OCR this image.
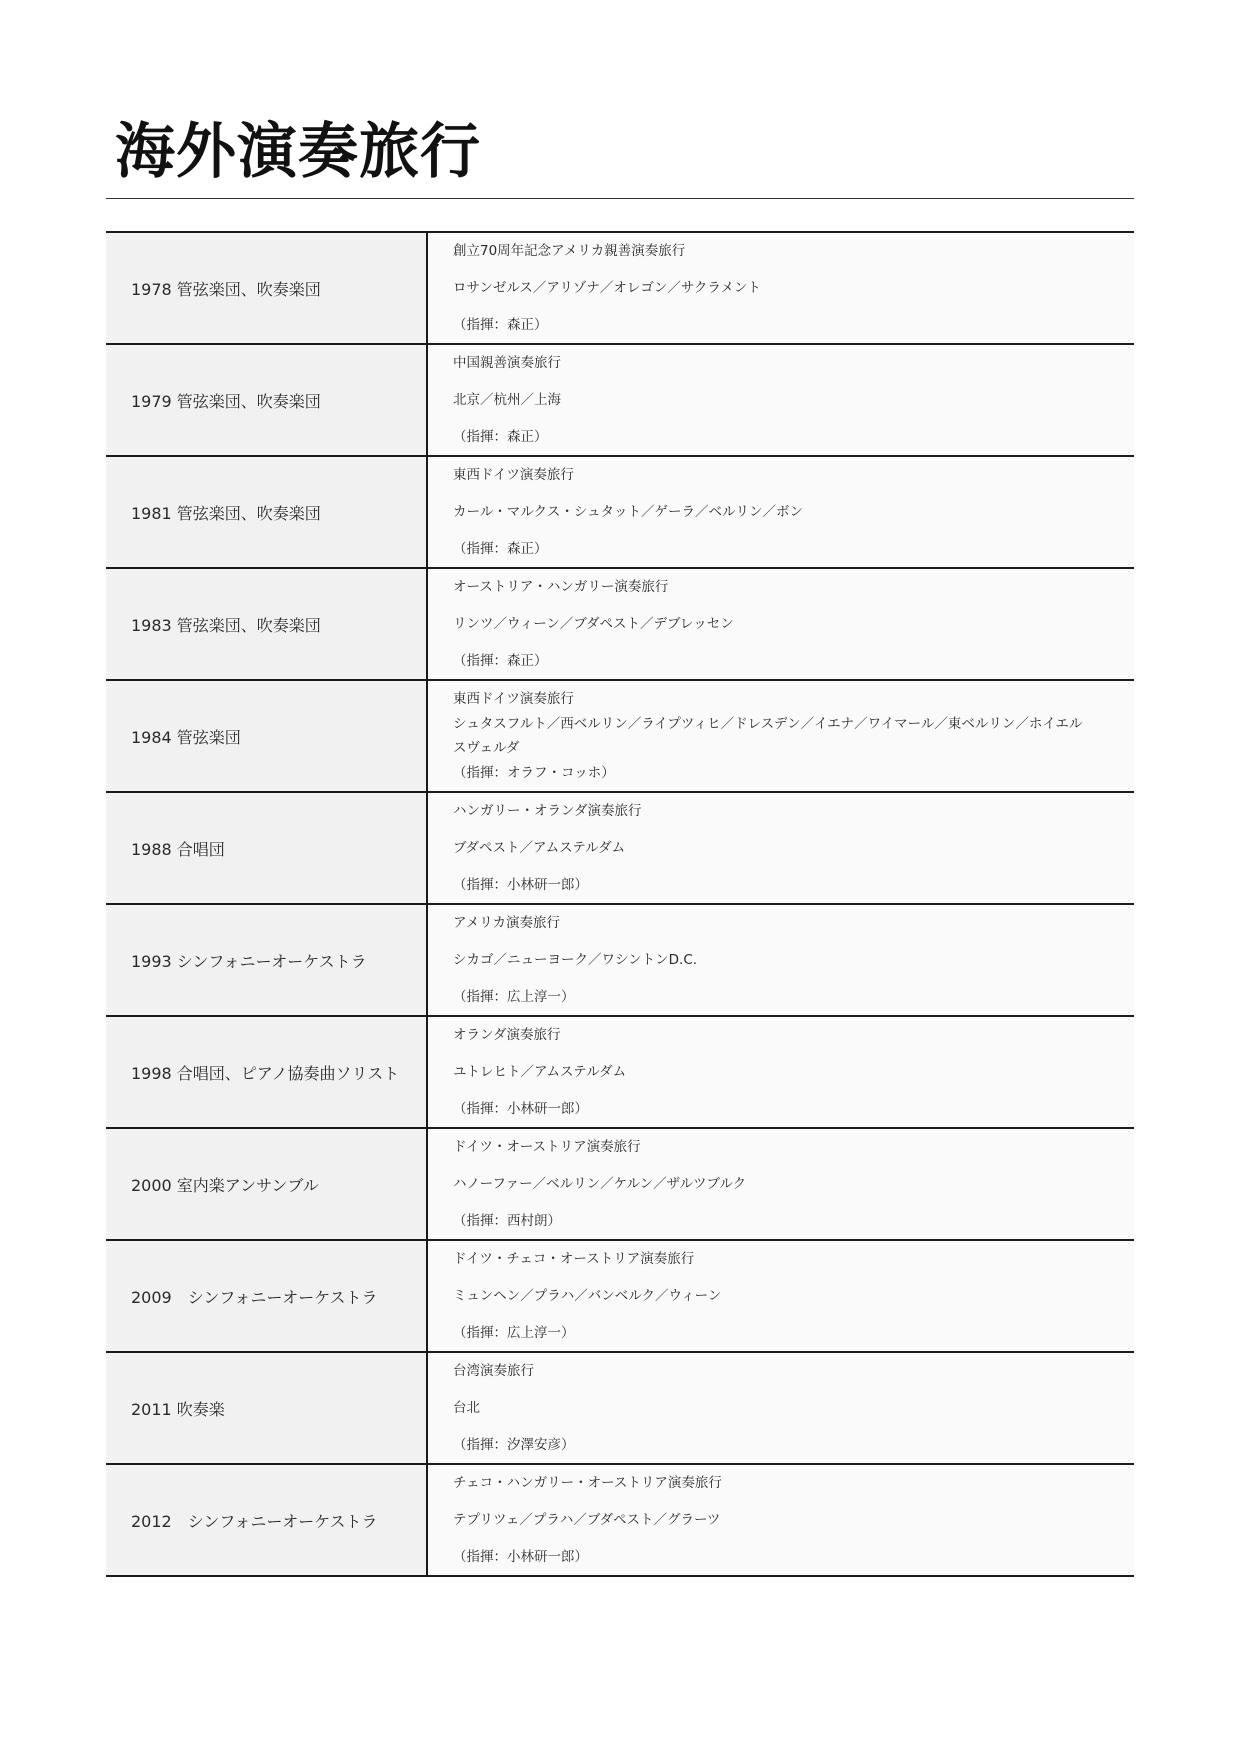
海外演奏旅行
1978 管弦楽団、吹奏楽団
創立70周年記念アメリカ親善演奏旅行
ロサンゼルス／アリゾナ／オレゴン／サクラメント
（指揮：森正）
1979 管弦楽団、吹奏楽団
中国親善演奏旅行
北京／杭州／上海
（指揮：森正）
1981 管弦楽団、吹奏楽団
東西ドイツ演奏旅行
カール・マルクス・シュタット／ゲーラ／ベルリン／ボン
（指揮：森正）
1983 管弦楽団、吹奏楽団
オーストリア・ハンガリー演奏旅行
リンツ／ウィーン／ブダペスト／デブレッセン
（指揮：森正）
1984 管弦楽団
東西ドイツ演奏旅行
シュタスフルト／西ベルリン／ライプツィヒ／ドレスデン／イエナ／ワイマール／東ベルリン／ホイエルスヴェルダ
（指揮：オラフ・コッホ）
1988 合唱団
ハンガリー・オランダ演奏旅行
ブダペスト／アムステルダム
（指揮：小林研一郎）
1993 シンフォニーオーケストラ
アメリカ演奏旅行
シカゴ／ニューヨーク／ワシントンD.C.
（指揮：広上淳一）
1998 合唱団、ピアノ協奏曲ソリスト
オランダ演奏旅行
ユトレヒト／アムステルダム
（指揮：小林研一郎）
2000 室内楽アンサンブル
ドイツ・オーストリア演奏旅行
ハノーファー／ベルリン／ケルン／ザルツブルク
（指揮：西村朗）
2009　シンフォニーオーケストラ
ドイツ・チェコ・オーストリア演奏旅行
ミュンヘン／プラハ／バンベルク／ウィーン
（指揮：広上淳一）
2011 吹奏楽
台湾演奏旅行
台北
（指揮：汐澤安彦）
2012　シンフォニーオーケストラ
チェコ・ハンガリー・オーストリア演奏旅行
テプリツェ／プラハ／ブダペスト／グラーツ
（指揮：小林研一郎）
